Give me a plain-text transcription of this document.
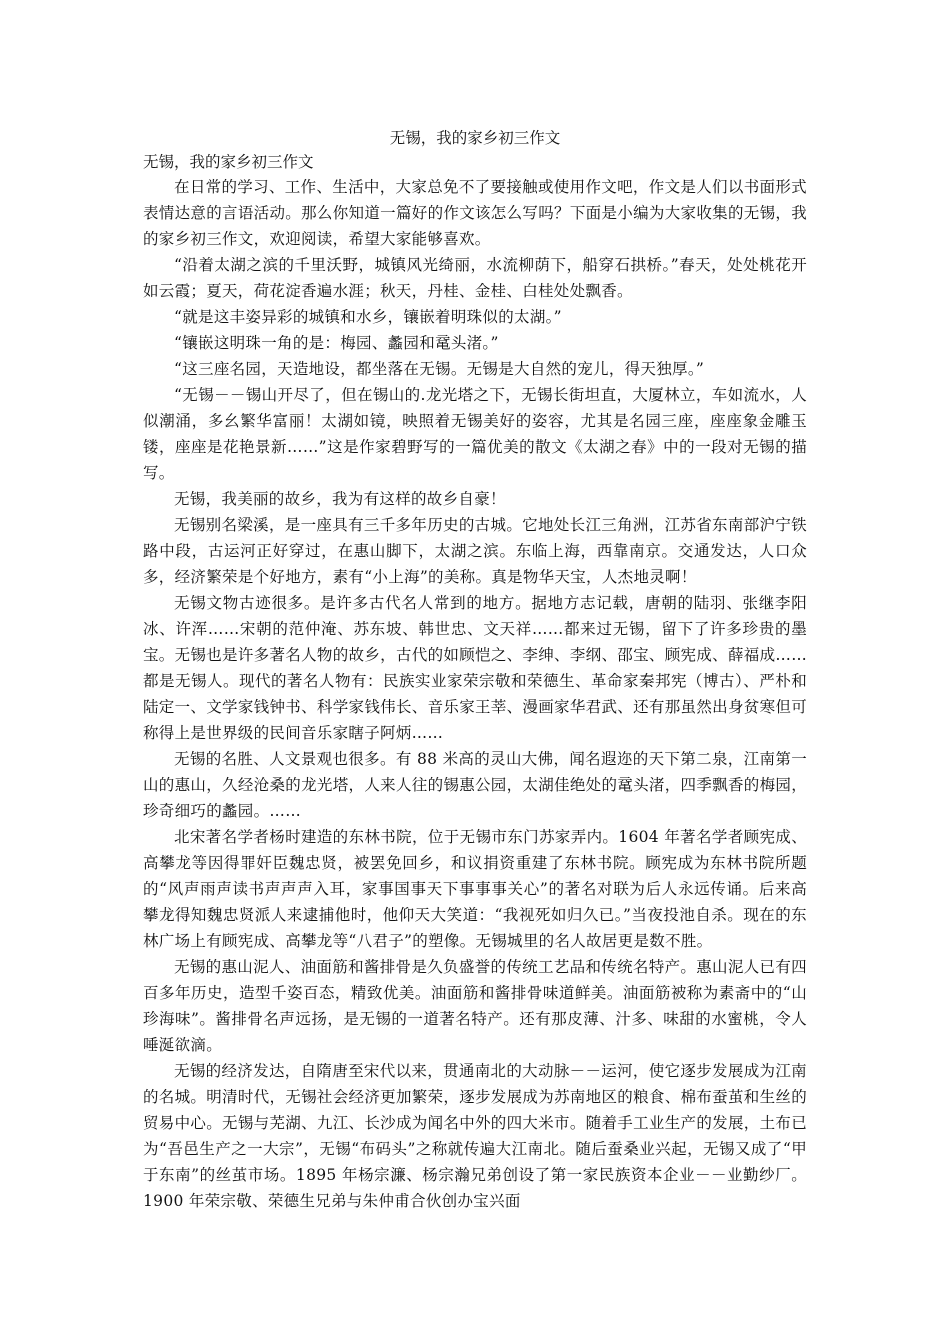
无锡，我的家乡初三作文
无锡，我的家乡初三作文

在日常的学习、工作、生活中，大家总免不了要接触或使用作文吧，作文是人们以书面形式表情达意的言语活动。那么你知道一篇好的作文该怎么写吗？下面是小编为大家收集的无锡，我的家乡初三作文，欢迎阅读，希望大家能够喜欢。

“沿着太湖之滨的千里沃野，城镇风光绮丽，水流柳荫下，船穿石拱桥。”春天，处处桃花开如云霞；夏天，荷花淀香遍水涯；秋天，丹桂、金桂、白桂处处飘香。

“就是这丰姿异彩的城镇和水乡，镶嵌着明珠似的太湖。”

“镶嵌这明珠一角的是：梅园、蠡园和鼋头渚。”

“这三座名园，天造地设，都坐落在无锡。无锡是大自然的宠儿，得天独厚。”

“无锡－－锡山开尽了，但在锡山的.龙光塔之下，无锡长街坦直，大厦林立，车如流水，人似潮涌，多幺繁华富丽！太湖如镜，映照着无锡美好的姿容，尤其是名园三座，座座象金雕玉镂，座座是花艳景新……”这是作家碧野写的一篇优美的散文《太湖之春》中的一段对无锡的描写。

无锡，我美丽的故乡，我为有这样的故乡自豪！

无锡别名梁溪，是一座具有三千多年历史的古城。它地处长江三角洲，江苏省东南部沪宁铁路中段，古运河正好穿过，在惠山脚下，太湖之滨。东临上海，西靠南京。交通发达，人口众多，经济繁荣是个好地方，素有“小上海”的美称。真是物华天宝，人杰地灵啊！

无锡文物古迹很多。是许多古代名人常到的地方。据地方志记载，唐朝的陆羽、张继李阳冰、许浑……宋朝的范仲淹、苏东坡、韩世忠、文天祥……都来过无锡，留下了许多珍贵的墨宝。无锡也是许多著名人物的故乡，古代的如顾恺之、李绅、李纲、邵宝、顾宪成、薛福成……都是无锡人。现代的著名人物有：民族实业家荣宗敬和荣德生、革命家秦邦宪（博古）、严朴和陆定一、文学家钱钟书、科学家钱伟长、音乐家王莘、漫画家华君武、还有那虽然出身贫寒但可称得上是世界级的民间音乐家瞎子阿炳……

无锡的名胜、人文景观也很多。有 88 米高的灵山大佛，闻名遐迩的天下第二泉，江南第一山的惠山，久经沧桑的龙光塔，人来人往的锡惠公园，太湖佳绝处的鼋头渚，四季飘香的梅园，珍奇细巧的蠡园。……

北宋著名学者杨时建造的东林书院，位于无锡市东门苏家弄内。1604 年著名学者顾宪成、高攀龙等因得罪奸臣魏忠贤，被罢免回乡，和议捐资重建了东林书院。顾宪成为东林书院所题的“风声雨声读书声声声入耳，家事国事天下事事事关心”的著名对联为后人永远传诵。后来高攀龙得知魏忠贤派人来逮捕他时，他仰天大笑道：“我视死如归久已。”当夜投池自杀。现在的东林广场上有顾宪成、高攀龙等“八君子”的塑像。无锡城里的名人故居更是数不胜。

无锡的惠山泥人、油面筋和酱排骨是久负盛誉的传统工艺品和传统名特产。惠山泥人已有四百多年历史，造型千姿百态，精致优美。油面筋和酱排骨味道鲜美。油面筋被称为素斋中的“山珍海味”。酱排骨名声远扬，是无锡的一道著名特产。还有那皮薄、汁多、味甜的水蜜桃，令人唾涎欲滴。

无锡的经济发达，自隋唐至宋代以来，贯通南北的大动脉－－运河，使它逐步发展成为江南的名城。明清时代，无锡社会经济更加繁荣，逐步发展成为苏南地区的粮食、棉布蚕茧和生丝的贸易中心。无锡与芜湖、九江、长沙成为闻名中外的四大米市。随着手工业生产的发展，土布已为“吾邑生产之一大宗”，无锡“布码头”之称就传遍大江南北。随后蚕桑业兴起，无锡又成了“甲于东南”的丝茧市场。1895 年杨宗濂、杨宗瀚兄弟创设了第一家民族资本企业－－业勤纱厂。1900 年荣宗敬、荣德生兄弟与朱仲甫合伙创办宝兴面
